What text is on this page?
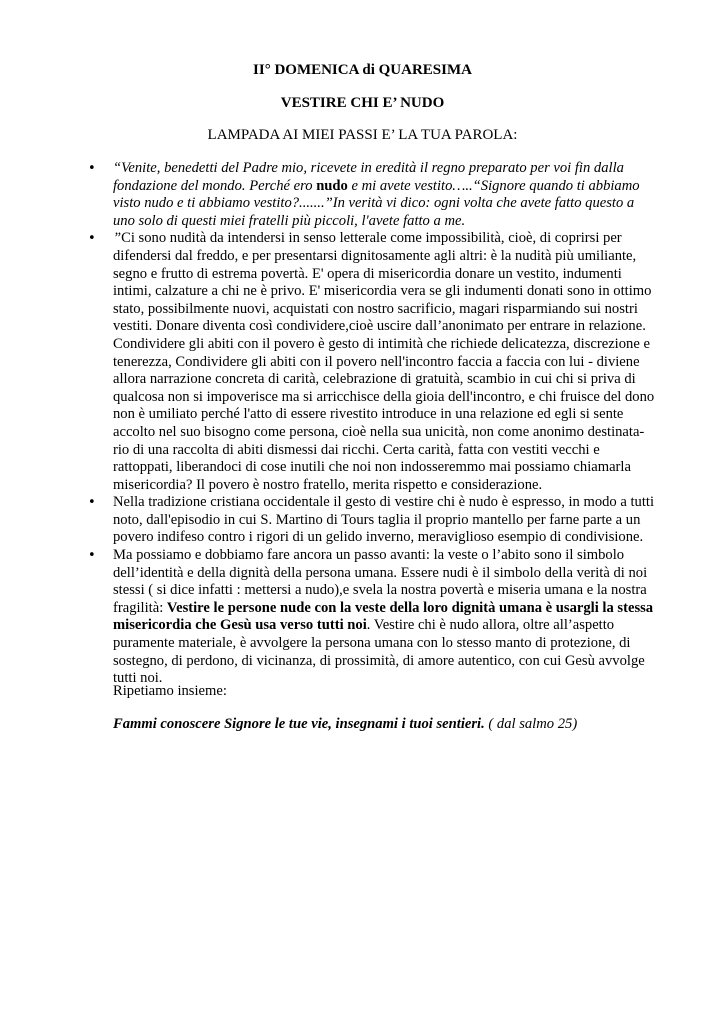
II° DOMENICA di QUARESIMA
VESTIRE CHI E’ NUDO
LAMPADA AI MIEI PASSI E’ LA TUA PAROLA:
• “Venite, benedetti del Padre mio, ricevete in eredità il regno preparato per voi fin dalla
fondazione del mondo. Perché ero nudo e mi avete vestito…..“Signore quando ti abbiamo
visto nudo e ti abbiamo vestito?.......”In verità vi dico: ogni volta che avete fatto questo a
uno solo di questi miei fratelli più piccoli, l'avete fatto a me.
• ”Ci sono nudità da intendersi in senso letterale come impossibilità, cioè, di coprirsi per
difendersi dal freddo, e per presentarsi dignitosamente agli altri: è la nudità più umiliante,
segno e frutto di estrema povertà. E' opera di misericordia donare un vestito, indumenti
intimi, calzature a chi ne è privo. E' misericordia vera se gli indumenti donati sono in ottimo
stato, possibilmente nuovi, acquistati con nostro sacrificio, magari risparmiando sui nostri
vestiti. Donare diventa così condividere,cioè uscire dall’anonimato per entrare in relazione.
Condividere gli abiti con il povero è gesto di intimità che richiede delicatezza, discrezione e
tenerezza, Condividere gli abiti con il povero nell'incontro faccia a faccia con lui - diviene
allora narrazione concreta di carità, celebrazione di gratuità, scambio in cui chi si priva di
qualcosa non si impoverisce ma si arricchisce della gioia dell'incontro, e chi fruisce del dono
non è umiliato perché l'atto di essere rivestito introduce in una relazione ed egli si sente
accolto nel suo bisogno come persona, cioè nella sua unicità, non come anonimo destinata-
rio di una raccolta di abiti dismessi dai ricchi. Certa carità, fatta con vestiti vecchi e
rattoppati, liberandoci di cose inutili che noi non indosseremmo mai possiamo chiamarla
misericordia? Il povero è nostro fratello, merita rispetto e considerazione.
• Nella tradizione cristiana occidentale il gesto di vestire chi è nudo è espresso, in modo a tutti
noto, dall'episodio in cui S. Martino di Tours taglia il proprio mantello per farne parte a un
povero indifeso contro i rigori di un gelido inverno, meraviglioso esempio di condivisione.
• Ma possiamo e dobbiamo fare ancora un passo avanti: la veste o l’abito sono il simbolo
dell’identità e della dignità della persona umana. Essere nudi è il simbolo della verità di noi
stessi ( si dice infatti : mettersi a nudo),e svela la nostra povertà e miseria umana e la nostra
fragilità: Vestire le persone nude con la veste della loro dignità umana è usargli la stessa
misericordia che Gesù usa verso tutti noi. Vestire chi è nudo allora, oltre all’aspetto
puramente materiale, è avvolgere la persona umana con lo stesso manto di protezione, di
sostegno, di perdono, di vicinanza, di prossimità, di amore autentico, con cui Gesù avvolge
tutti noi.
Ripetiamo insieme:
Fammi conoscere Signore le tue vie, insegnami i tuoi sentieri. ( dal salmo 25)
